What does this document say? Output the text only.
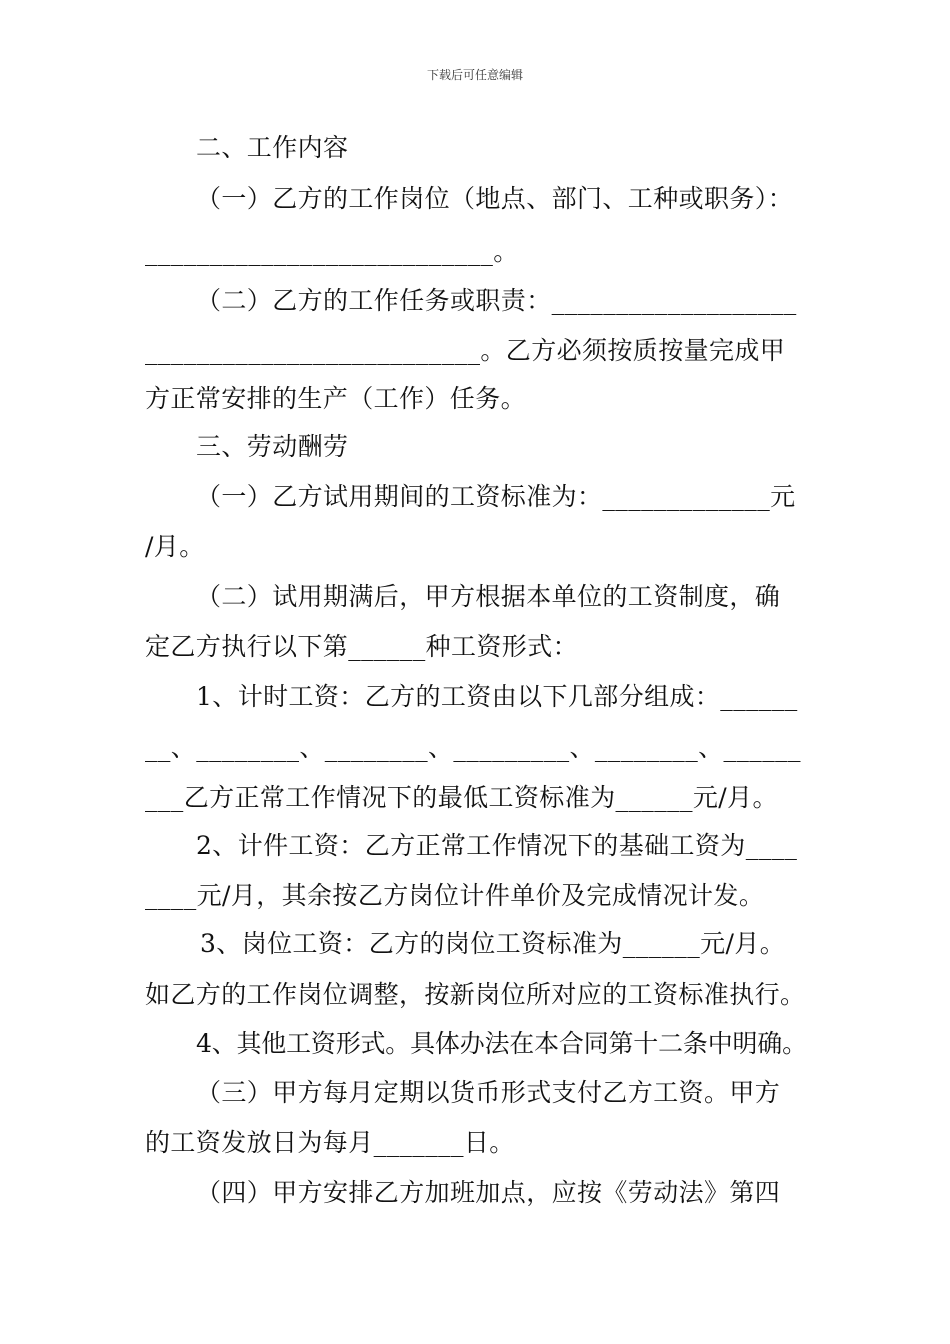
下载后可任意编辑
二、工作内容
（一）乙方的工作岗位（地点、部门、工种或职务）：
___________________________。
（二）乙方的工作任务或职责：___________________
__________________________。乙方必须按质按量完成甲
方正常安排的生产（工作）任务。
三、劳动酬劳
（一）乙方试用期间的工资标准为：_____________元
/月。
（二）试用期满后，甲方根据本单位的工资制度，确
定乙方执行以下第______种工资形式：
1、计时工资：乙方的工资由以下几部分组成：______
__、________、________、_________、________、______
___乙方正常工作情况下的最低工资标准为______元/月。
2、计件工资：乙方正常工作情况下的基础工资为____
____元/月，其余按乙方岗位计件单价及完成情况计发。
3、岗位工资：乙方的岗位工资标准为______元/月。
如乙方的工作岗位调整，按新岗位所对应的工资标准执行。
4、其他工资形式。具体办法在本合同第十二条中明确。
（三）甲方每月定期以货币形式支付乙方工资。甲方
的工资发放日为每月_______日。
（四）甲方安排乙方加班加点，应按《劳动法》第四
